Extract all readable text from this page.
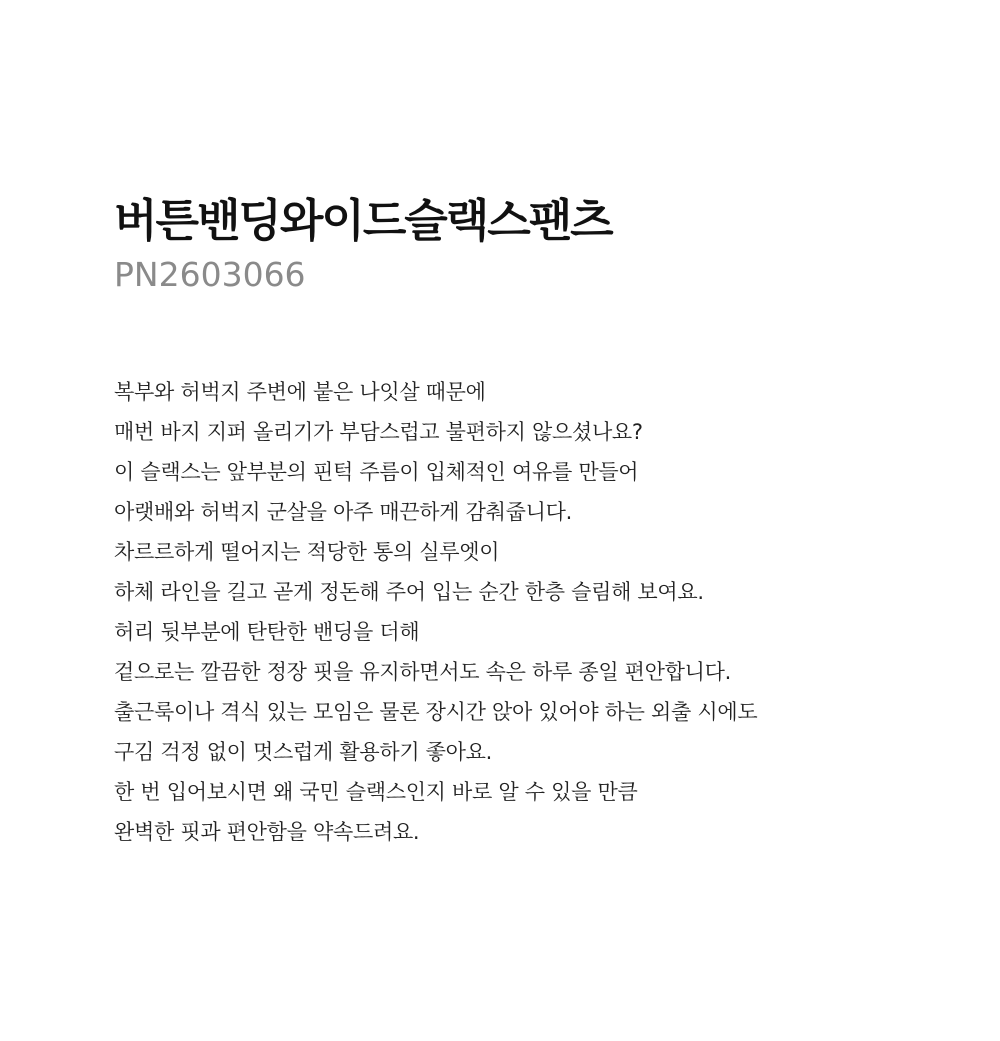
버튼밴딩와이드슬랙스팬츠

PN2603066

복부와 허벅지 주변에 붙은 나잇살 때문에
매번 바지 지퍼 올리기가 부담스럽고 불편하지 않으셨나요?
이 슬랙스는 앞부분의 핀턱 주름이 입체적인 여유를 만들어
아랫배와 허벅지 군살을 아주 매끈하게 감춰줍니다.
차르르하게 떨어지는 적당한 통의 실루엣이
하체 라인을 길고 곧게 정돈해 주어 입는 순간 한층 슬림해 보여요.
허리 뒷부분에 탄탄한 밴딩을 더해
겉으로는 깔끔한 정장 핏을 유지하면서도 속은 하루 종일 편안합니다.
출근룩이나 격식 있는 모임은 물론 장시간 앉아 있어야 하는 외출 시에도
구김 걱정 없이 멋스럽게 활용하기 좋아요.
한 번 입어보시면 왜 국민 슬랙스인지 바로 알 수 있을 만큼
완벽한 핏과 편안함을 약속드려요.
